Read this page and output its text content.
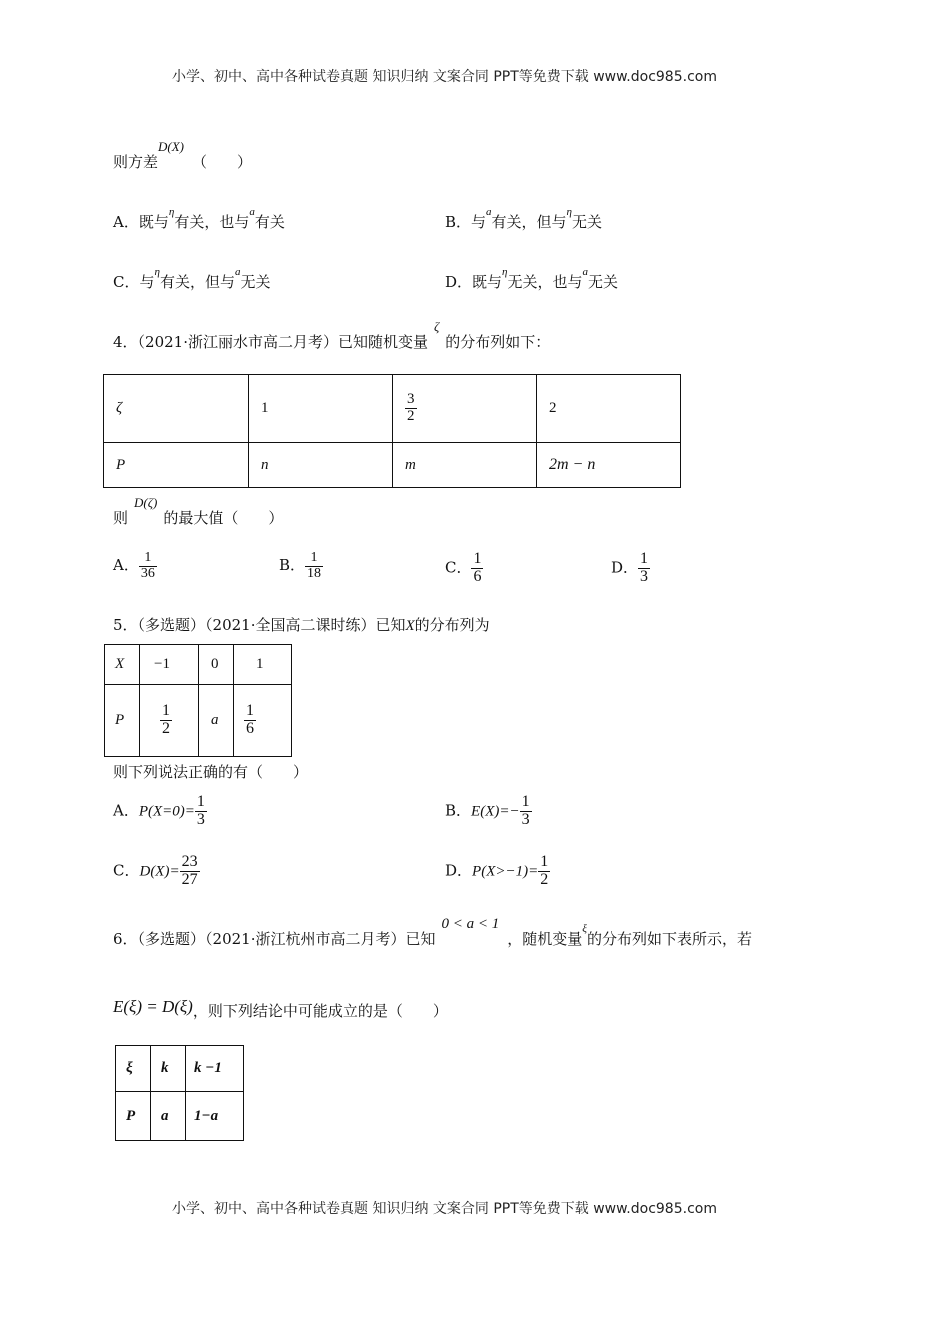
小学、初中、高中各种试卷真题 知识归纳 文案合同 PPT等免费下载 www.doc985.com
则方差D(X)（　　）
A．既与$^\eta$有关，也与$^a$有关	B．与$^a$有关，但与$^\eta$无关
C．与$^\eta$有关，但与$^a$无关	D．既与$^\eta$无关，也与$^a$无关
4．（2021·浙江丽水市高二月考）已知随机变量ζ的分布列如下：
ζ	1	$\frac{3}{2}$	2
P	n	m	2m − n
则D(ζ)的最大值（　　）
A． $\frac{1}{36}$	B． $\frac{1}{18}$	C． $\frac{1}{6}$	D． $\frac{1}{3}$
5．（多选题）（2021·全国高二课时练）已知X的分布列为
X	−1	0	1
P	$\frac{1}{2}$	a	$\frac{1}{6}$
则下列说法正确的有（　　）
A．$P(X=0)= \frac{1}{3}$	B．$E(X)=- \frac{1}{3}$
C．$D(X)= \frac{23}{27}$	D．$P(X>-1)= \frac{1}{2}$
6．（多选题）（2021·浙江杭州市高二月考）已知0 < a < 1，随机变量$^\xi$的分布列如下表所示，若
E(ξ) = D(ξ)，则下列结论中可能成立的是（　　）
ξ	k	k −1
P	a	1−a
小学、初中、高中各种试卷真题 知识归纳 文案合同 PPT等免费下载 www.doc985.com
